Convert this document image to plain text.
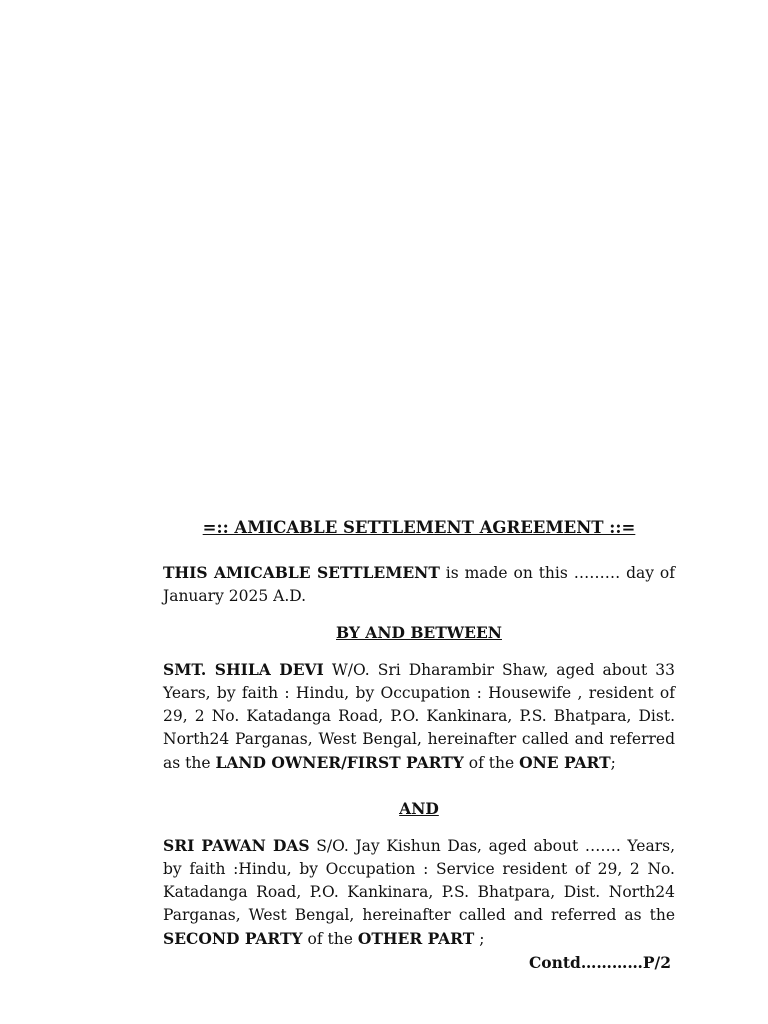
=:: AMICABLE SETTLEMENT AGREEMENT ::=

THIS AMICABLE SETTLEMENT is made on this ……… day of January 2025 A.D.

BY AND BETWEEN

SMT. SHILA DEVI W/O. Sri Dharambir Shaw, aged about 33 Years, by faith : Hindu, by Occupation : Housewife , resident of 29, 2 No. Katadanga Road, P.O. Kankinara, P.S. Bhatpara, Dist. North24 Parganas, West Bengal, hereinafter called and referred as the LAND OWNER/FIRST PARTY of the ONE PART;

AND

SRI PAWAN DAS S/O. Jay Kishun Das, aged about ……. Years, by faith :Hindu, by Occupation : Service resident of 29, 2 No. Katadanga Road, P.O. Kankinara, P.S. Bhatpara, Dist. North24 Parganas, West Bengal, hereinafter called and referred as the SECOND PARTY of the OTHER PART ;

Contd…………P/2
